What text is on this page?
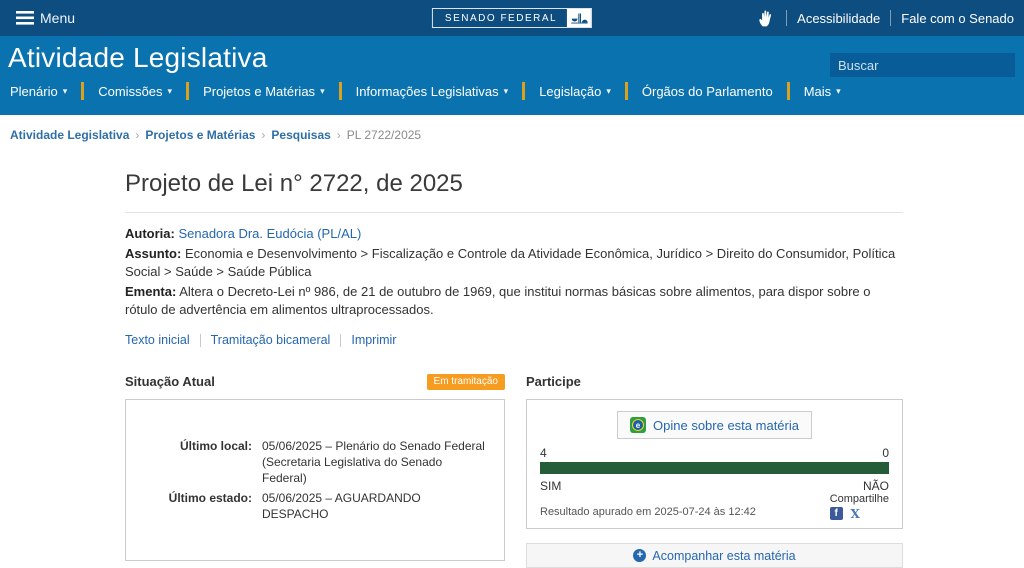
Menu	SENADO FEDERAL	Acessibilidade Fale com o Senado
Atividade Legislativa
Buscar
Plenário ▾ Comissões ▾ Projetos e Matérias ▾ Informações Legislativas ▾ Legislação ▾ Órgãos do Parlamento Mais ▾
Atividade Legislativa › Projetos e Matérias › Pesquisas › PL 2722/2025
Projeto de Lei n° 2722, de 2025

Autoria: Senadora Dra. Eudócia (PL/AL)

Assunto: Economia e Desenvolvimento > Fiscalização e Controle da Atividade Econômica, Jurídico > Direito do Consumidor, Política Social > Saúde > Saúde Pública

Ementa: Altera o Decreto-Lei nº 986, de 21 de outubro de 1969, que institui normas básicas sobre alimentos, para dispor sobre o rótulo de advertência em alimentos ultraprocessados.

Texto inicial	Tramitação bicameral	Imprimir
Situação Atual	Em tramitação
Último local: 05/06/2025 – Plenário do Senado Federal (Secretaria Legislativa do Senado Federal)
Último estado: 05/06/2025 – AGUARDANDO DESPACHO
Participe
e Opine sobre esta matéria
4	0
SIM	NÃO
Resultado apurado em 2025-07-24 às 12:42
Compartilhe
f	X
+ Acompanhar esta matéria
